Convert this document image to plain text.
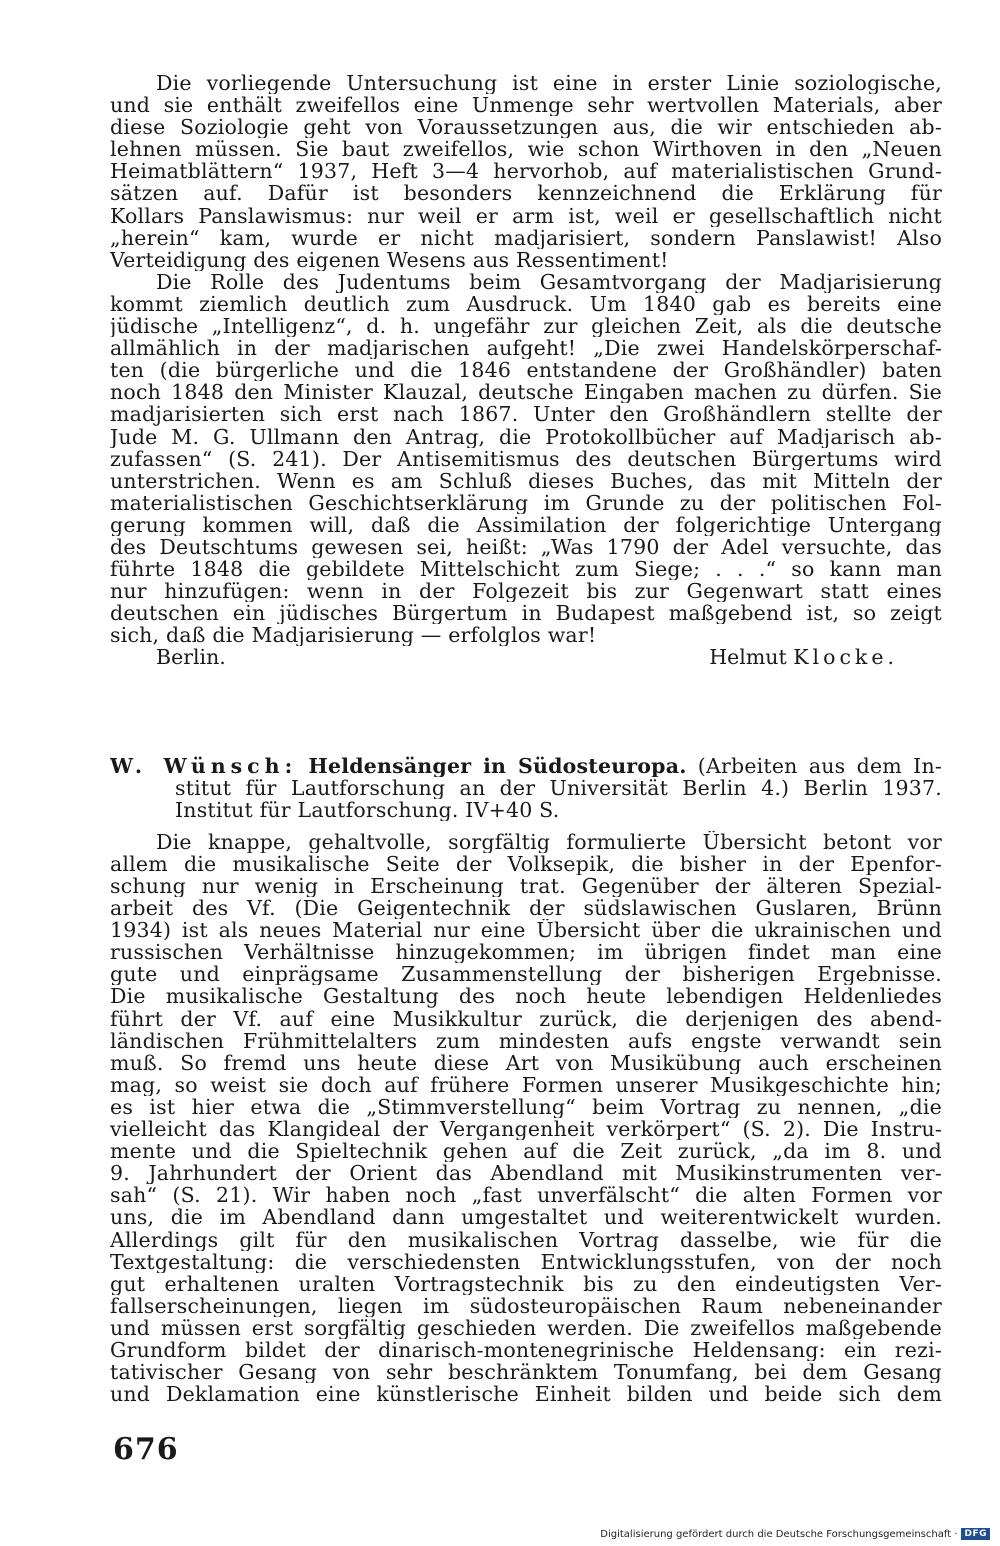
Die vorliegende Untersuchung ist eine in erster Linie soziologische,
und sie enthält zweifellos eine Unmenge sehr wertvollen Materials, aber
diese Soziologie geht von Voraussetzungen aus, die wir entschieden ab-
lehnen müssen. Sie baut zweifellos, wie schon Wirthoven in den „Neuen
Heimatblättern“ 1937, Heft 3—4 hervorhob, auf materialistischen Grund-
sätzen auf. Dafür ist besonders kennzeichnend die Erklärung für
Kollars Panslawismus: nur weil er arm ist, weil er gesellschaftlich nicht
„herein“ kam, wurde er nicht madjarisiert, sondern Panslawist! Also
Verteidigung des eigenen Wesens aus Ressentiment!
Die Rolle des Judentums beim Gesamtvorgang der Madjarisierung
kommt ziemlich deutlich zum Ausdruck. Um 1840 gab es bereits eine
jüdische „Intelligenz“, d. h. ungefähr zur gleichen Zeit, als die deutsche
allmählich in der madjarischen aufgeht! „Die zwei Handelskörperschaf-
ten (die bürgerliche und die 1846 entstandene der Großhändler) baten
noch 1848 den Minister Klauzal, deutsche Eingaben machen zu dürfen. Sie
madjarisierten sich erst nach 1867. Unter den Großhändlern stellte der
Jude M. G. Ullmann den Antrag, die Protokollbücher auf Madjarisch ab-
zufassen“ (S. 241). Der Antisemitismus des deutschen Bürgertums wird
unterstrichen. Wenn es am Schluß dieses Buches, das mit Mitteln der
materialistischen Geschichtserklärung im Grunde zu der politischen Fol-
gerung kommen will, daß die Assimilation der folgerichtige Untergang
des Deutschtums gewesen sei, heißt: „Was 1790 der Adel versuchte, das
führte 1848 die gebildete Mittelschicht zum Siege; . . .“ so kann man
nur hinzufügen: wenn in der Folgezeit bis zur Gegenwart statt eines
deutschen ein jüdisches Bürgertum in Budapest maßgebend ist, so zeigt
sich, daß die Madjarisierung — erfolglos war!
Berlin.	Helmut Klocke.
W. Wünsch: Heldensänger in Südosteuropa. (Arbeiten aus dem In-
stitut für Lautforschung an der Universität Berlin 4.) Berlin 1937.
Institut für Lautforschung. IV+40 S.
Die knappe, gehaltvolle, sorgfältig formulierte Übersicht betont vor
allem die musikalische Seite der Volksepik, die bisher in der Epenfor-
schung nur wenig in Erscheinung trat. Gegenüber der älteren Spezial-
arbeit des Vf. (Die Geigentechnik der südslawischen Guslaren, Brünn
1934) ist als neues Material nur eine Übersicht über die ukrainischen und
russischen Verhältnisse hinzugekommen; im übrigen findet man eine
gute und einprägsame Zusammenstellung der bisherigen Ergebnisse.
Die musikalische Gestaltung des noch heute lebendigen Heldenliedes
führt der Vf. auf eine Musikkultur zurück, die derjenigen des abend-
ländischen Frühmittelalters zum mindesten aufs engste verwandt sein
muß. So fremd uns heute diese Art von Musikübung auch erscheinen
mag, so weist sie doch auf frühere Formen unserer Musikgeschichte hin;
es ist hier etwa die „Stimmverstellung“ beim Vortrag zu nennen, „die
vielleicht das Klangideal der Vergangenheit verkörpert“ (S. 2). Die Instru-
mente und die Spieltechnik gehen auf die Zeit zurück, „da im 8. und
9. Jahrhundert der Orient das Abendland mit Musikinstrumenten ver-
sah“ (S. 21). Wir haben noch „fast unverfälscht“ die alten Formen vor
uns, die im Abendland dann umgestaltet und weiterentwickelt wurden.
Allerdings gilt für den musikalischen Vortrag dasselbe, wie für die
Textgestaltung: die verschiedensten Entwicklungsstufen, von der noch
gut erhaltenen uralten Vortragstechnik bis zu den eindeutigsten Ver-
fallserscheinungen, liegen im südosteuropäischen Raum nebeneinander
und müssen erst sorgfältig geschieden werden. Die zweifellos maßgebende
Grundform bildet der dinarisch-montenegrinische Heldensang: ein rezi-
tativischer Gesang von sehr beschränktem Tonumfang, bei dem Gesang
und Deklamation eine künstlerische Einheit bilden und beide sich dem
676
Digitalisierung gefördert durch die Deutsche Forschungsgemeinschaft · DFG
